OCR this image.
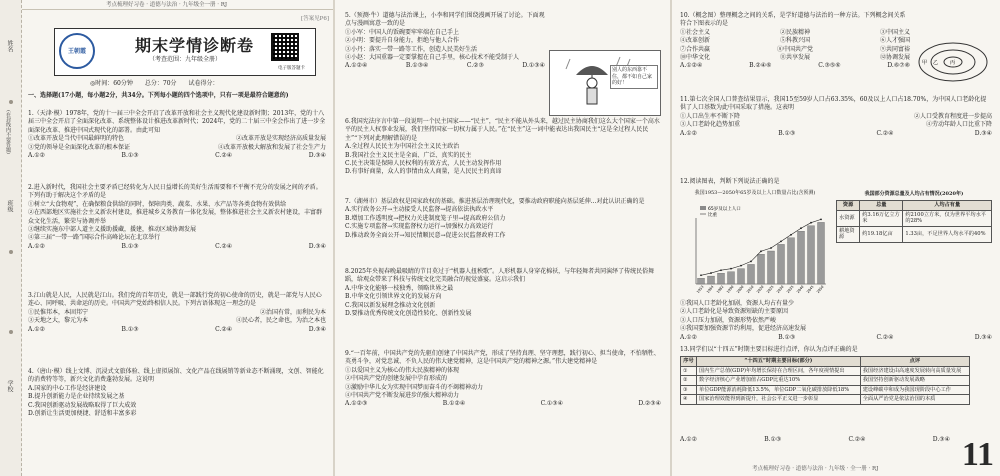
考点梳理好习卷 · 道德与法治 · 九年级全一册 · RJ
[答案见P6]
姓名
班级
学校
(在封线内不要答题)
王朝霞	期末学情诊断卷
（考查范围：九年级全册）
电子版答题卡
◎时间：60分钟 总分：70分 试卷得分：
一、选择题(17小题，每小题2分，共34分。下列每小题的四个选项中，只有一项是最符合题意的)

1.（天津·模）1978年，党的十一届三中全会开启了改革开放和社会主义现代化建设新时期；2013年，党的十八届三中全会开启了全面深化改革、系统整体设计推进改革新时代；2024年，党的二十届三中全会作出了进一步全面深化改革、推进中国式现代化的部署。由此可知

①改革开放是当代中国最鲜明的特色	②改革开放是实现经济高质量发展
③党的领导是全面深化改革的根本保证	④改革开放极大解放和发展了社会生产力
A.①②	B.①③	C.②④	D.③④

2.进入新时代，我国社会主要矛盾已经转化为人民日益增长的美好生活需要和不平衡不充分的发展之间的矛盾。下列有助于解决这个矛盾的是

①树立“大食物观”，在确保粮食供给的同时，保障肉类、蔬菜、水果、水产品等各类食物有效供给

②在西部地区实施社会主义新农村建设，推进城乡义务教育一体化发展，整体推进社会主义新农村建设，丰富群众文化生活，繁荣与协调并举

③继续实施东中部人道主义援助援藏，援建，推动区域协调发展

④第三届“一带一路”国际合作高峰论坛在北京举行

A.①②	B.①③	C.②④	D.③④

3.江山就是人民，人民就是江山。我们党的百年历史，就是一部践行党的初心使命的历史，就是一部党与人民心连心、同呼吸、共命运的历史。中国共产党始终相信人民。下列古语体现这一理念的是

①民惟邦本，本固邦宁	②治国有常，而利民为本
③天地之大，黎元为本	④民心者，民之命也，为治之本也
A.①②	B.①③	C.②④	D.③④

4.（唐山·模）线上文博、沉浸式文旅体验、线上虚拟展馆、文化产品在线展销等新业态不断涌现，文创、智能化的消费特等等，新兴文化消费蓬勃发展。这说明

A.国家的中心工作是经济建设

B.提升创新能力是企业持续发展之基

C.我国创新驱动发展战略取得了巨大成效

D.创新让生活更加便捷、舒适和丰富多彩

5.（预测·牛）道德与法治课上，小李和同学们围绕漫画开展了讨论。下面观点与漫画寓意一致的是

①小军：中国人的饭碗要牢牢端在自己手上

②小明：要提升自身能力，拒绝与他人合作

③小丹：落实一带一路等工作，创造人民美好生活

④小赵：大国重器一定要掌握在自己手里，核心技术不能受制于人

A.①②④	B.①③④	C.②③	D.①③④
别人的东西靠不住，都不如自己家的好！

6.我国宪法序言中第一段说明一个民主国家——“民主”，“民主不能从外头来，越过民主协商我们这么大个国家一个高水平的民主人权事业发展，我们坚持国家一切权力属于人民。”在“民主”这一词中能表达出我国民主“这是全过程人民民主”“下列对此理解错误的是

A.全过程人民民主为中国社会主义民主政治

B.我国社会主义民主是全面、广泛、真实的民主

C.民主决策是保障人民权利的有效方式，人民主动发挥作用

D.有事好商量，众人的事情由众人商量，是人民民主的真谛

7.（湖州市）基层政权是国家政权的基础。推进基层治理现代化，要推动政府职能向基层延伸...对此认识正确的是

A.实行政务公开→主动接受人民监督→提高依法执政水平

B.增加工作透明度→把权力关进制度笼子里→提高政府公信力

C.实施专项监督→实现监督权力运行→加强权力高效运行

D.推动政务全面公开→知民情顺民意→促进公民监督政府工作

8.2025年央视春晚最吸睛的节目莫过于“机器人扭秧歌”。人形机器人身穿花棉袄，与年轻舞者共同演绎了传统民俗舞蹈，给观众带来了科技与传统文化完美融合的视觉盛宴。这启示我们

A.中华文化能够一枝独秀，领略世界之最

B.中华文化引领世界文化的发展方向

C.我国以新发展理念推动文化创新

D.要推动优秀传统文化创造性转化、创新性发展

9.“一百年前，中国共产党的先驱们创建了中国共产党，形成了坚持真理、坚守理想，践行初心、担当使命，不怕牺牲、英勇斗争，对党忠诚、不负人民的伟大建党精神，这是中国共产党的精神之源。”伟大建党精神是

①以爱国主义为核心的伟大民族精神的体现

②中国共产党的创建发展中孕育形成的

③激励中华儿女为实现中国梦而奋斗的不竭精神动力

④中国共产党不断发展进步的强大精神动力

A.①②③	B.①②④	C.①③④	D.②③④

10.（概念图）整理概念之间的关系，是学好道德与法治的一种方法。下列概念间关系符合下图表示的是

①社会主义	②民族精神	③中国主义
④改革创新	⑤科教兴国	⑥人才强国
⑦合作共赢	⑧中国共产党	⑨共同富裕
⑩中华文化	⑪共享发展	⑫协调发展
A.①②④	B.②④⑥	C.③⑤⑥	D.⑥⑦⑧ 甲 乙 丙

11.第七次全国人口普查结果显示，我国15至59岁人口占63.35%，60及以上人口占18.70%，为中国人口老龄化提供了人口基数为此中国采取了措施。这表明

①人口出生率不断下降	②人口受教育程度进一步提高
③人口老龄化趋势加重	④劳动年龄人口比重下降
A.①②	B.①③	C.②④	D.③④
12.阅读图表，判断下列说法正确的是
我国1953—2050年65岁及以上人口数量占比(含预测)
65岁及以上人口
比重
1953 1964 1982 1990 2000 2010 2020 2025 2030 2035 2040 2045 2050
我国部分资源总量及人均占有情况(2020年)
资源	总量	人均占有量
水资源	约3.16万亿立方米	约2100立方米，仅为世界平均水平的28%
耕地资源	约19.18亿亩	1.33亩，不足世界人均水平的40%

①我国人口老龄化加剧，资源人均占有量少

②人口老龄化是导致资源短缺的主要原因

③人口压力加剧，资源形势依然严峻

④我国要加强资源节约利用，促进经济高速发展

A.①②	B.①③	C.②④	D.③④
13.同学们以“十四五”时期主要目标进行点评，你认为点评正确的是
序号	“十四五”时期主要目标(部分)	点评
①	国内生产总值(GDP)年均增长保持在合理区间，各年度视情提出	我国经济建设由高速度发展转向高质量发展
②	数字经济核心产业增加值占GDP比重达10%	我国坚持创新驱动发展战略
③	单位GDP能源消耗降低13.5%，单位GDP二氧化碳排放降低18%	建设峰碳中和成为我国现阶段中心工作
④	国家治理效能得到新提升，社会公平正义进一步彰显	全面从严治党是依法治国的本质
A.①②	B.①③	C.②④	D.③④
考点梳理好习卷 · 道德与法治 · 九年级 · 全一册 · RJ 11
